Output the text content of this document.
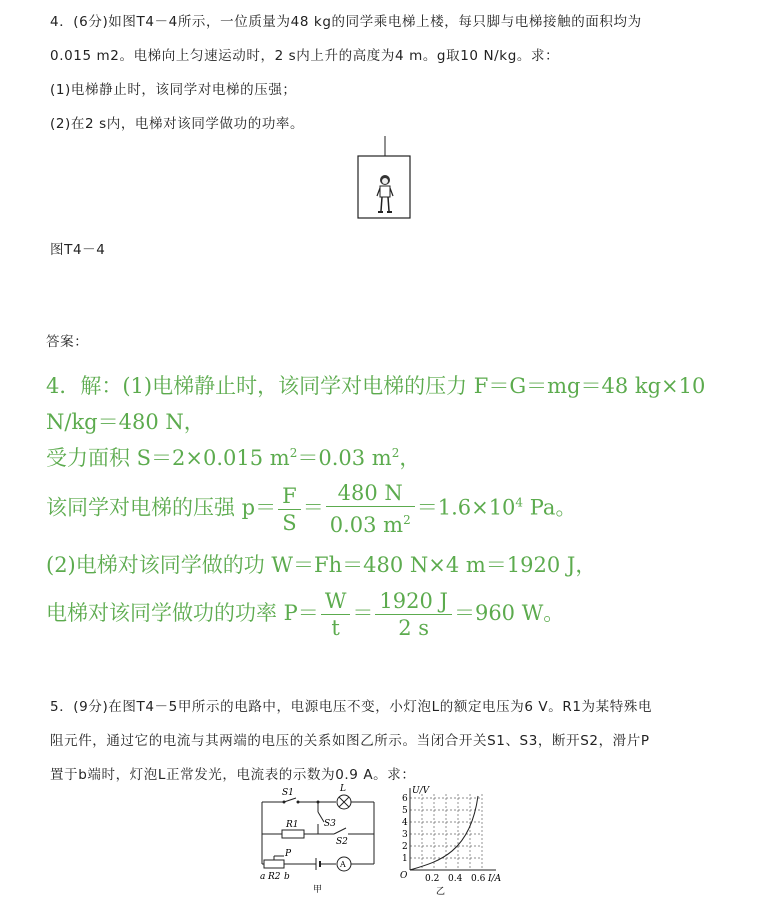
4．(6分)如图T4－4所示，一位质量为48 kg的同学乘电梯上楼，每只脚与电梯接触的面积均为
0.015 m2。电梯向上匀速运动时，2 s内上升的高度为4 m。g取10 N/kg。求：
(1)电梯静止时，该同学对电梯的压强；
(2)在2 s内，电梯对该同学做功的功率。
图T4－4
答案：
4．解：(1)电梯静止时，该同学对电梯的压力 F＝G＝mg＝48 kg×10
N/kg＝480 N，
受力面积 S＝2×0.015 $m^2=0.03$ $m^2$，
该同学对电梯的压强 $p= \frac{F}{S} = \frac{480 N}{0.03 m^2} =1.6\times 10^4$ Pa。
(2)电梯对该同学做的功 W＝Fh＝480 N×4 m＝1920 J，
电梯对该同学做功的功率 $P= \frac{W}{t} = \frac{1920 J}{2 s} =960$ W。
5．(9分)在图T4－5甲所示的电路中，电源电压不变，小灯泡L的额定电压为6 V。R1为某特殊电
阻元件，通过它的电流与其两端的电压的关系如图乙所示。当闭合开关S1、S3，断开S2，滑片P
置于b端时，灯泡L正常发光，电流表的示数为0.9 A。求：
S1	L
S3
R1
S2
P
a R2 b
A
甲
U/V
I/A
O
6
5
4
3
2
1
0.2 0.4 0.6
乙
